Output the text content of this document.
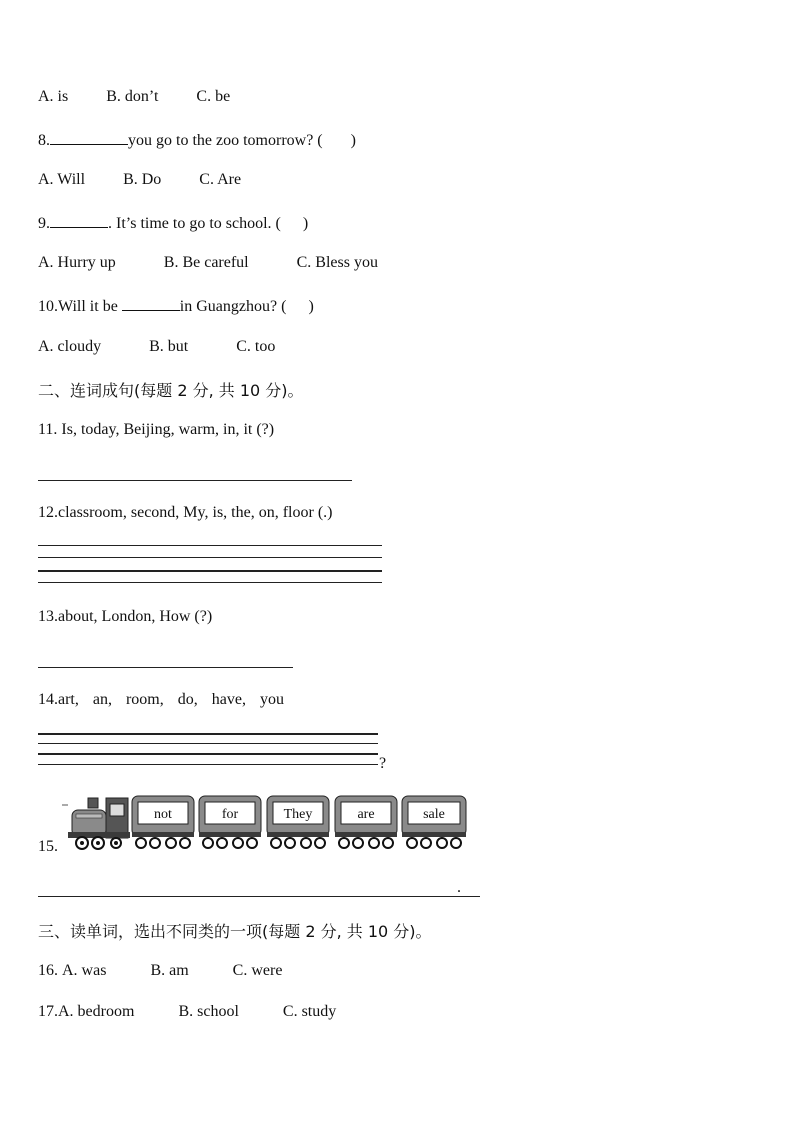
A. is B. don’t C. be
8.	you go to the zoo tomorrow? ( )
A. Will B. Do C. Are
9.	. It’s time to go to school. ( )
A. Hurry up	B. Be careful	C. Bless you
10.Will it be	in Guangzhou? ( )
A. cloudy	B. but	C. too
二、连词成句(每题 2 分, 共 10 分)。
11. Is, today, Beijing, warm, in, it (?)
12.classroom, second, My, is, the, on, floor (.)
13.about, London, How (?)
14.art, an, room, do, have, you
?
15.
not	for	They	are	sale
.
三、读单词，选出不同类的一项(每题 2 分, 共 10 分)。
16. A. was	B. am	C. were
17.A. bedroom	B. school	C. study
